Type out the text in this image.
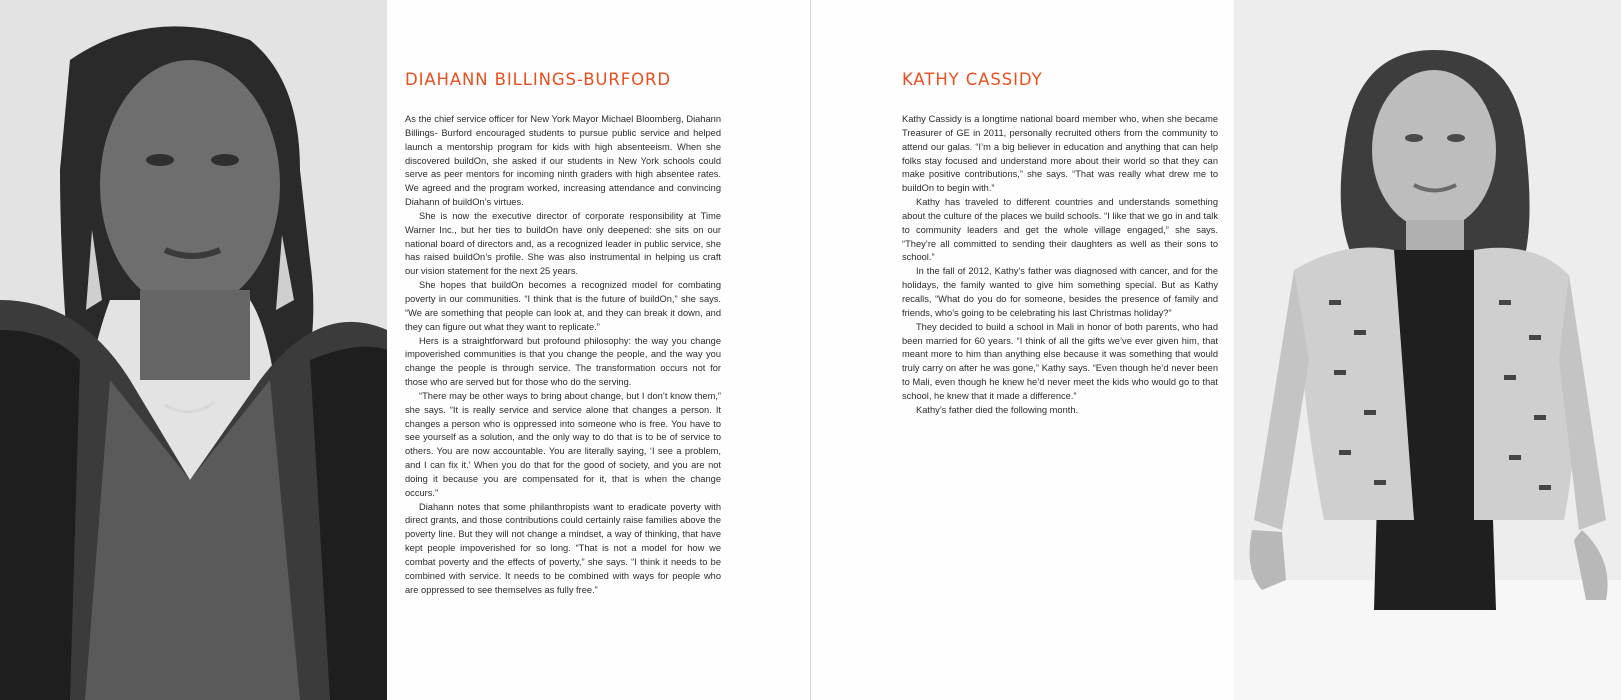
DIAHANN BILLINGS-BURFORD

As the chief service officer for New York Mayor Michael Bloomberg, Diahann Billings- Burford encouraged students to pursue public service and helped launch a mentorship program for kids with high absenteeism. When she discovered buildOn, she asked if our students in New York schools could serve as peer mentors for incoming ninth graders with high absentee rates. We agreed and the program worked, increasing attendance and convincing Diahann of buildOn’s virtues.

She is now the executive director of corporate responsibility at Time Warner Inc., but her ties to buildOn have only deepened: she sits on our national board of directors and, as a recognized leader in public service, she has raised buildOn’s profile. She was also instrumental in helping us craft our vision statement for the next 25 years.

She hopes that buildOn becomes a recognized model for combating poverty in our communities. “I think that is the future of buildOn,” she says. “We are something that people can look at, and they can break it down, and they can figure out what they want to replicate.”

Hers is a straightforward but profound philosophy: the way you change impoverished communities is that you change the people, and the way you change the people is through service. The transformation occurs not for those who are served but for those who do the serving.

“There may be other ways to bring about change, but I don’t know them,” she says. “It is really service and service alone that changes a person. It changes a person who is oppressed into someone who is free. You have to see yourself as a solution, and the only way to do that is to be of service to others. You are now accountable. You are literally saying, ‘I see a problem, and I can fix it.’ When you do that for the good of society, and you are not doing it because you are compensated for it, that is when the change occurs.”

Diahann notes that some philanthropists want to eradicate poverty with direct grants, and those contributions could certainly raise families above the poverty line. But they will not change a mindset, a way of thinking, that have kept people impoverished for so long. “That is not a model for how we combat poverty and the effects of poverty,” she says. “I think it needs to be combined with service. It needs to be combined with ways for people who are oppressed to see themselves as fully free.”

KATHY CASSIDY

Kathy Cassidy is a longtime national board member who, when she became Treasurer of GE in 2011, personally recruited others from the community to attend our galas. “I’m a big believer in education and anything that can help folks stay focused and understand more about their world so that they can make positive contributions,” she says. “That was really what drew me to buildOn to begin with.”

Kathy has traveled to different countries and understands something about the culture of the places we build schools. “I like that we go in and talk to community leaders and get the whole village engaged,” she says. “They’re all committed to sending their daughters as well as their sons to school.”

In the fall of 2012, Kathy’s father was diagnosed with cancer, and for the holidays, the family wanted to give him something special. But as Kathy recalls, “What do you do for someone, besides the presence of family and friends, who’s going to be celebrating his last Christmas holiday?”

They decided to build a school in Mali in honor of both parents, who had been married for 60 years. “I think of all the gifts we’ve ever given him, that meant more to him than anything else because it was something that would truly carry on after he was gone,” Kathy says. “Even though he’d never been to Mali, even though he knew he’d never meet the kids who would go to that school, he knew that it made a difference.”

Kathy’s father died the following month.
